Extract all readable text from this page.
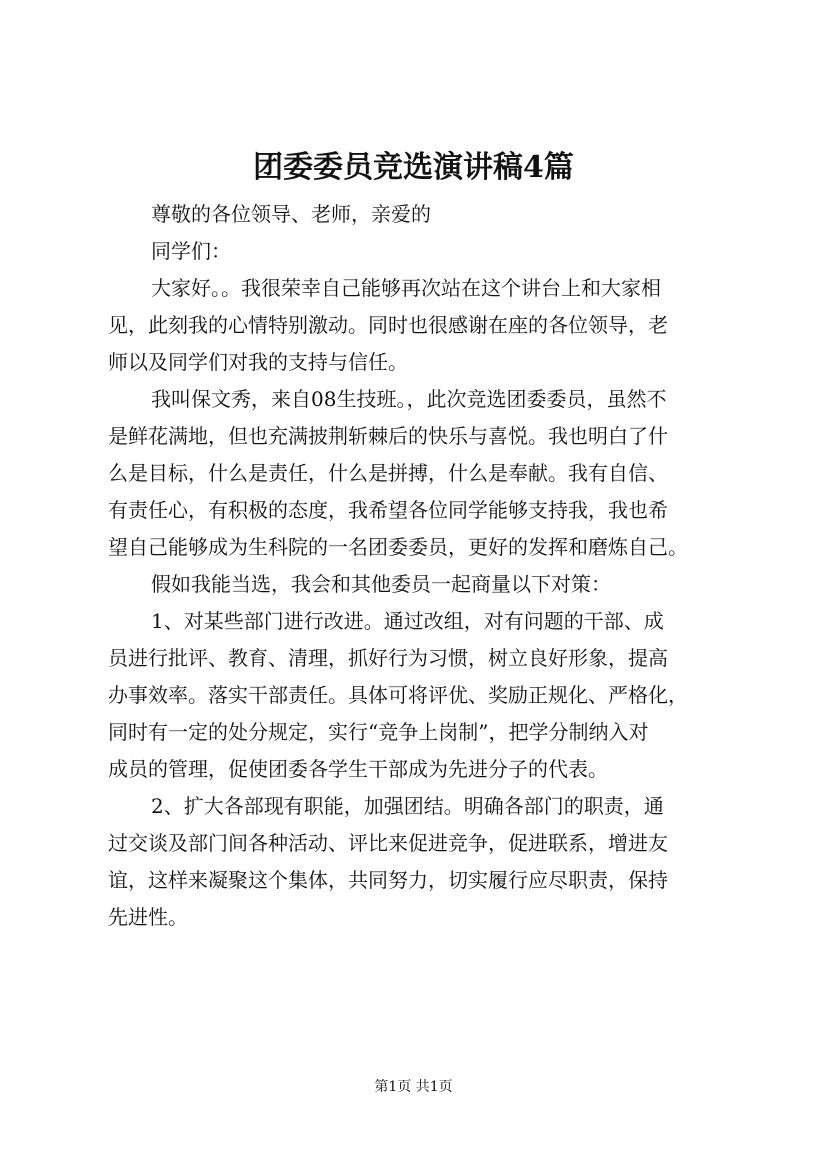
团委委员竞选演讲稿4篇
尊敬的各位领导、老师，亲爱的
同学们：
大家好。。我很荣幸自己能够再次站在这个讲台上和大家相
见，此刻我的心情特别激动。同时也很感谢在座的各位领导，老
师以及同学们对我的支持与信任。
我叫保文秀，来自08生技班。，此次竞选团委委员，虽然不
是鲜花满地，但也充满披荆斩棘后的快乐与喜悦。我也明白了什
么是目标，什么是责任，什么是拼搏，什么是奉献。我有自信、
有责任心，有积极的态度，我希望各位同学能够支持我，我也希
望自己能够成为生科院的一名团委委员，更好的发挥和磨炼自己。
假如我能当选，我会和其他委员一起商量以下对策：
1、对某些部门进行改进。通过改组，对有问题的干部、成
员进行批评、教育、清理，抓好行为习惯，树立良好形象，提高
办事效率。落实干部责任。具体可将评优、奖励正规化、严格化，
同时有一定的处分规定，实行“竞争上岗制”，把学分制纳入对
成员的管理，促使团委各学生干部成为先进分子的代表。
2、扩大各部现有职能，加强团结。明确各部门的职责，通
过交谈及部门间各种活动、评比来促进竞争，促进联系，增进友
谊，这样来凝聚这个集体，共同努力，切实履行应尽职责，保持
先进性。
第1页 共1页
